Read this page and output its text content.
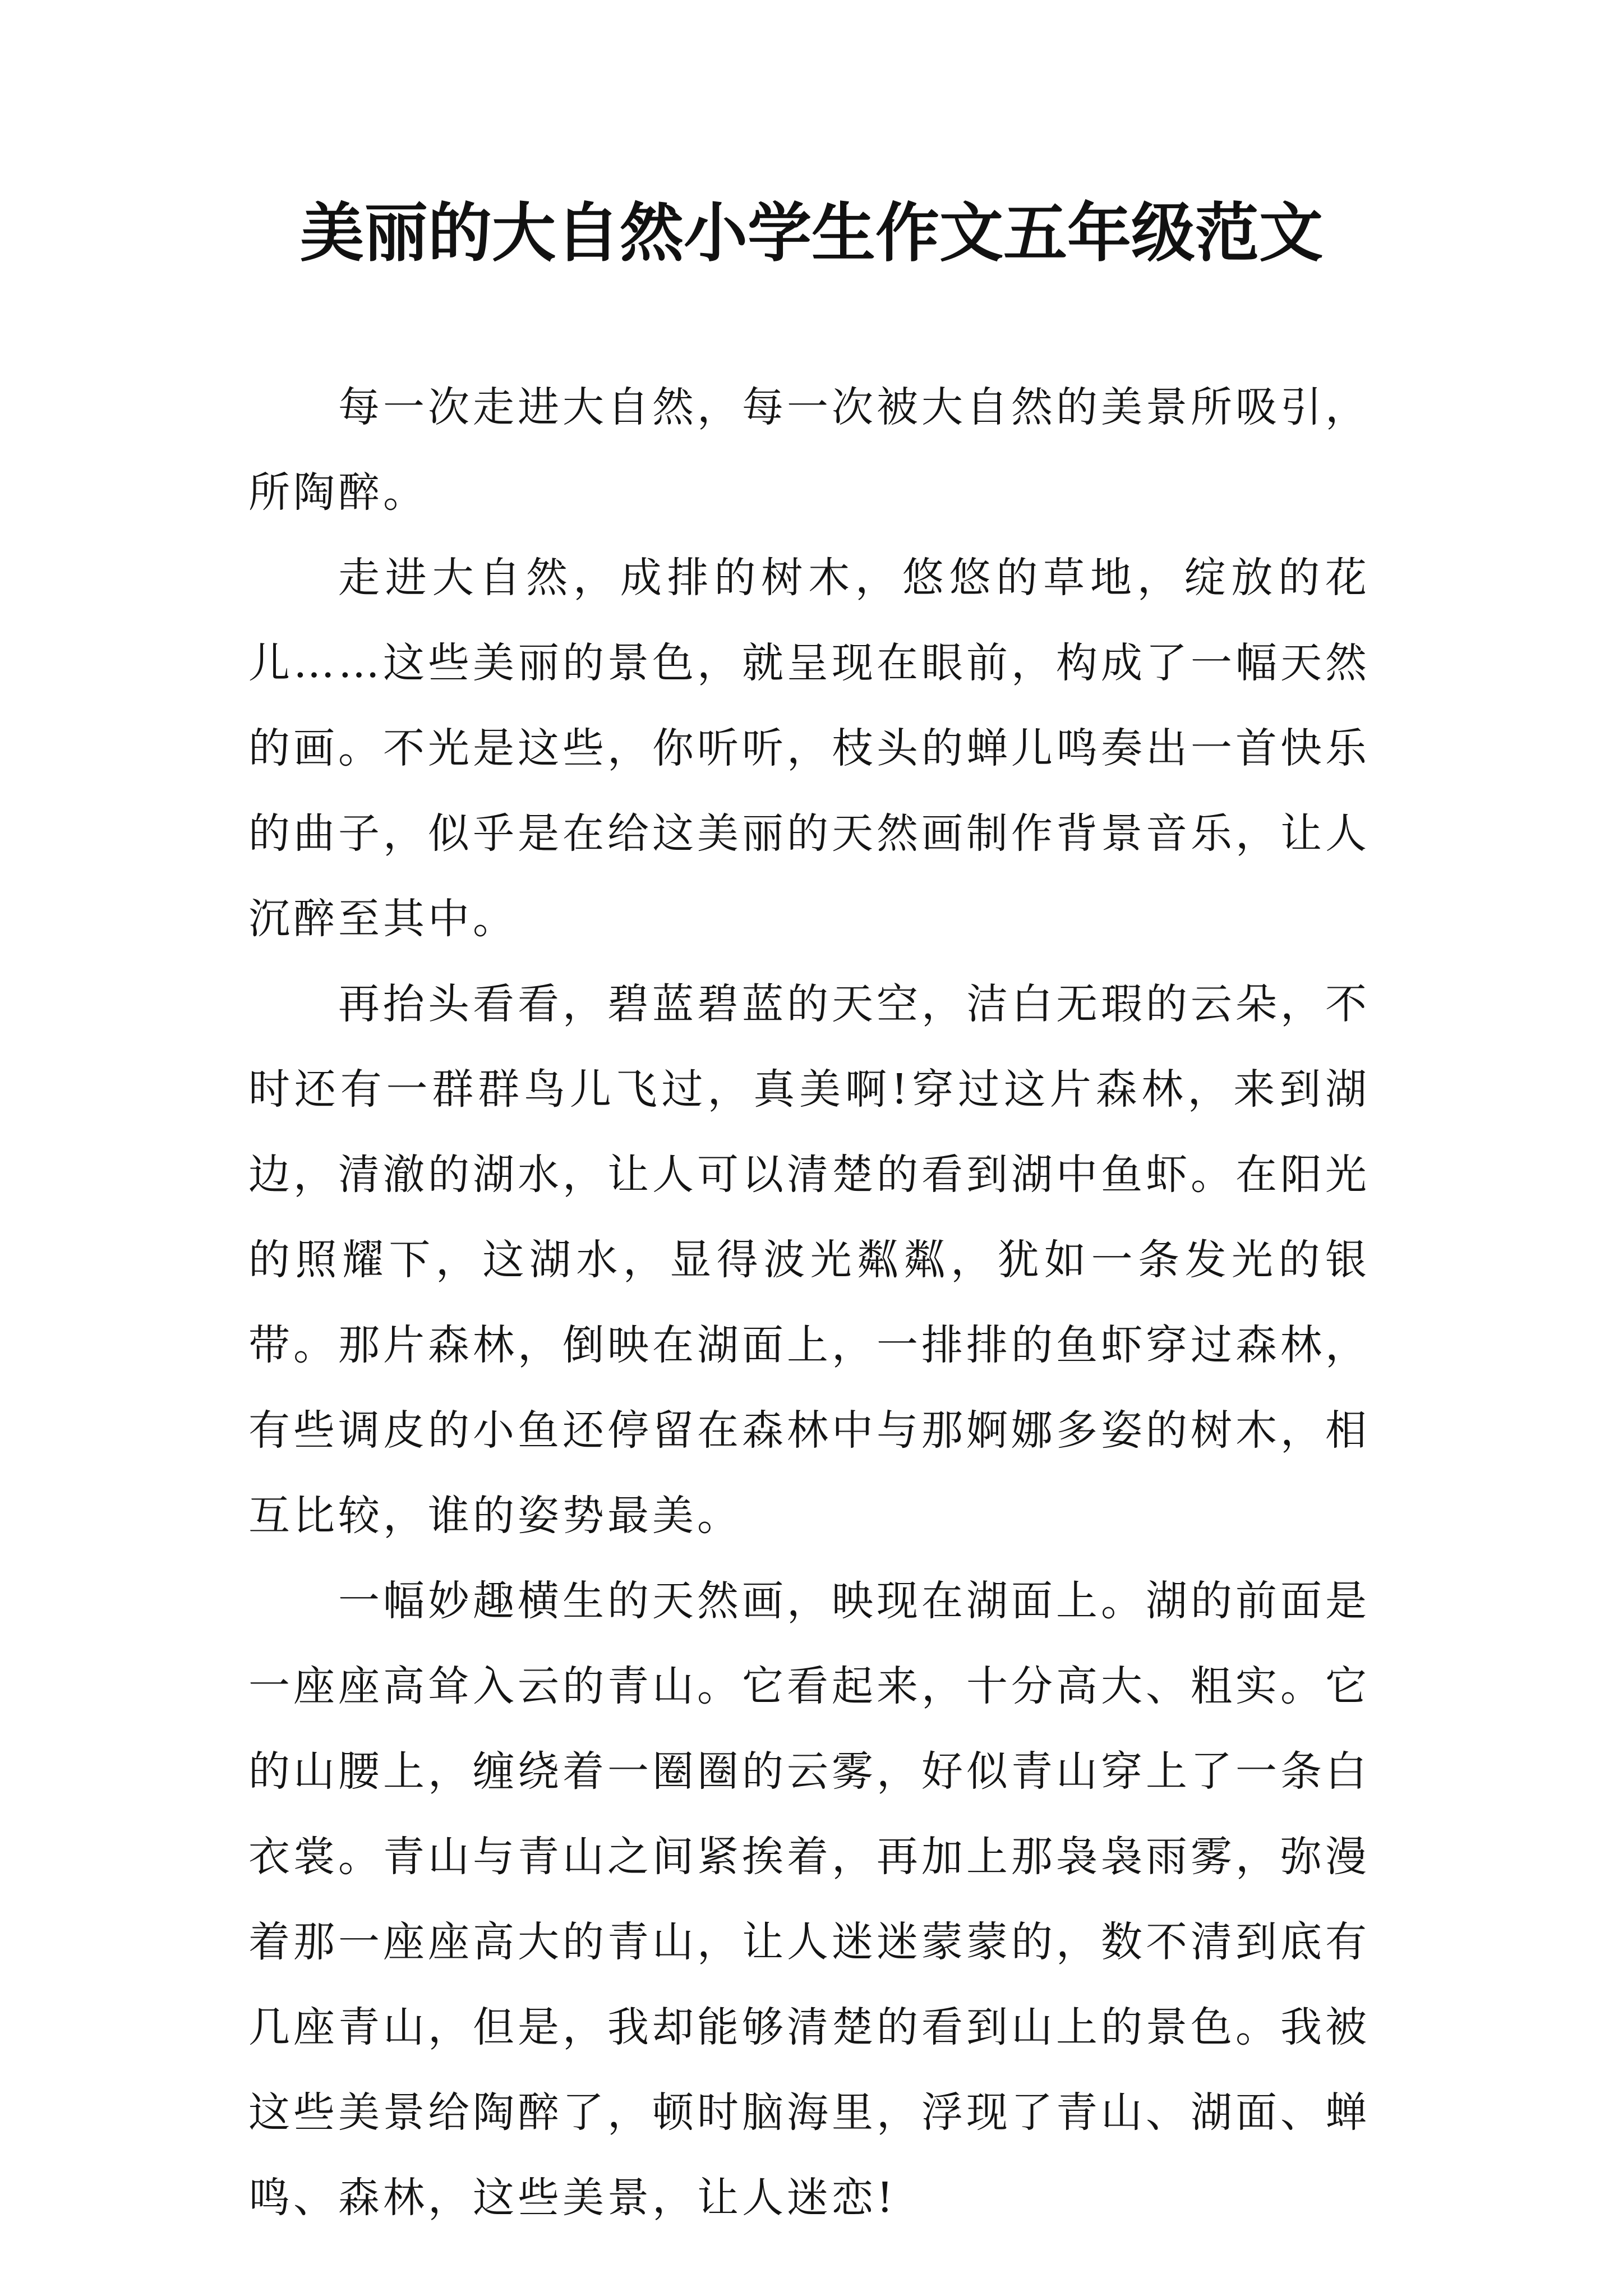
美丽的大自然小学生作文五年级范文

每一次走进大自然，每一次被大自然的美景所吸引，所陶醉。

走进大自然，成排的树木，悠悠的草地，绽放的花儿……这些美丽的景色，就呈现在眼前，构成了一幅天然的画。不光是这些，你听听，枝头的蝉儿鸣奏出一首快乐的曲子，似乎是在给这美丽的天然画制作背景音乐，让人沉醉至其中。

再抬头看看，碧蓝碧蓝的天空，洁白无瑕的云朵，不时还有一群群鸟儿飞过，真美啊!穿过这片森林，来到湖边，清澈的湖水，让人可以清楚的看到湖中鱼虾。在阳光的照耀下，这湖水，显得波光粼粼，犹如一条发光的银带。那片森林，倒映在湖面上，一排排的鱼虾穿过森林，有些调皮的小鱼还停留在森林中与那婀娜多姿的树木，相互比较，谁的姿势最美。

一幅妙趣横生的天然画，映现在湖面上。湖的前面是一座座高耸入云的青山。它看起来，十分高大、粗实。它的山腰上，缠绕着一圈圈的云雾，好似青山穿上了一条白衣裳。青山与青山之间紧挨着，再加上那袅袅雨雾，弥漫着那一座座高大的青山，让人迷迷蒙蒙的，数不清到底有几座青山，但是，我却能够清楚的看到山上的景色。我被这些美景给陶醉了，顿时脑海里，浮现了青山、湖面、蝉鸣、森林，这些美景，让人迷恋!
